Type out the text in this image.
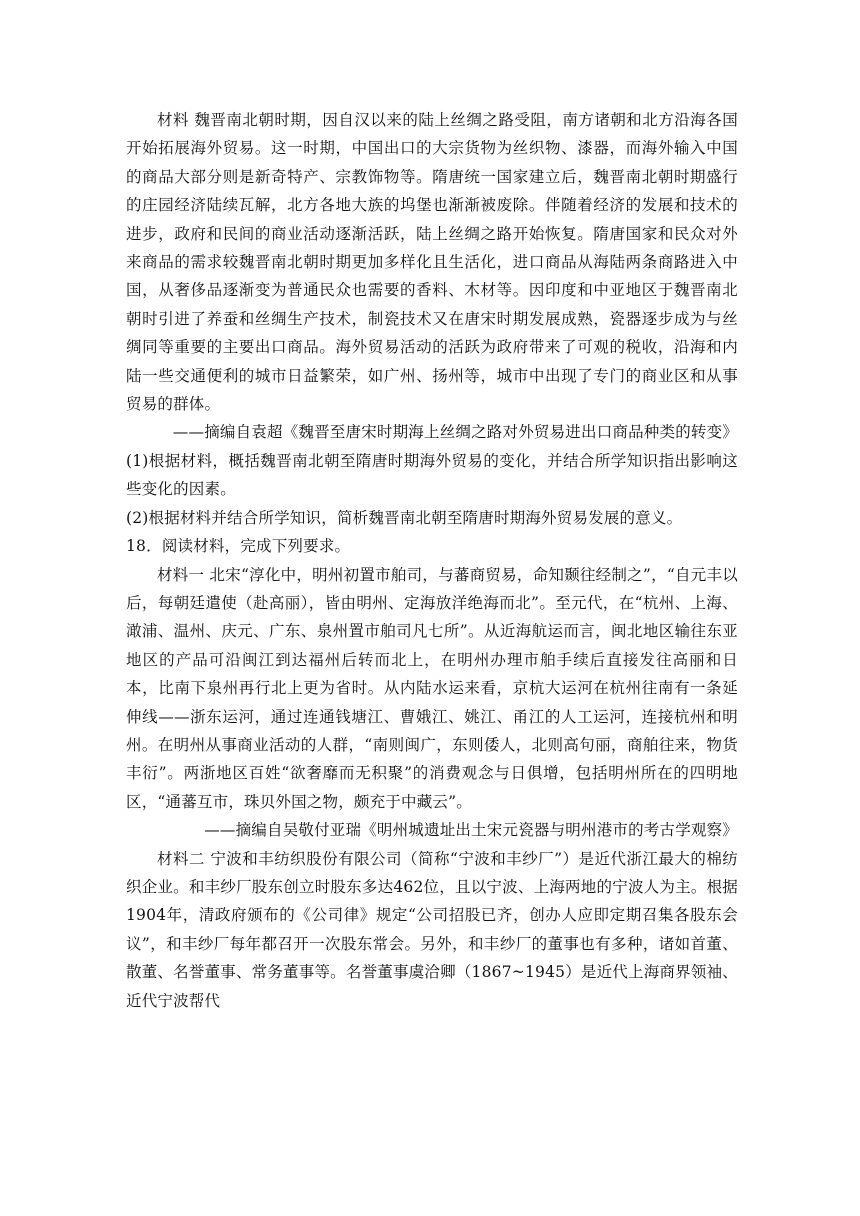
材料 魏晋南北朝时期，因自汉以来的陆上丝绸之路受阻，南方诸朝和北方沿海各国开始拓展海外贸易。这一时期，中国出口的大宗货物为丝织物、漆器，而海外输入中国的商品大部分则是新奇特产、宗教饰物等。隋唐统一国家建立后，魏晋南北朝时期盛行的庄园经济陆续瓦解，北方各地大族的坞堡也渐渐被废除。伴随着经济的发展和技术的进步，政府和民间的商业活动逐渐活跃，陆上丝绸之路开始恢复。隋唐国家和民众对外来商品的需求较魏晋南北朝时期更加多样化且生活化，进口商品从海陆两条商路进入中国，从奢侈品逐渐变为普通民众也需要的香料、木材等。因印度和中亚地区于魏晋南北朝时引进了养蚕和丝绸生产技术，制瓷技术又在唐宋时期发展成熟，瓷器逐步成为与丝绸同等重要的主要出口商品。海外贸易活动的活跃为政府带来了可观的税收，沿海和内陆一些交通便利的城市日益繁荣，如广州、扬州等，城市中出现了专门的商业区和从事贸易的群体。

——摘编自袁超《魏晋至唐宋时期海上丝绸之路对外贸易进出口商品种类的转变》

(1)根据材料，概括魏晋南北朝至隋唐时期海外贸易的变化，并结合所学知识指出影响这些变化的因素。

(2)根据材料并结合所学知识，简析魏晋南北朝至隋唐时期海外贸易发展的意义。

18．阅读材料，完成下列要求。

材料一 北宋“淳化中，明州初置市舶司，与蕃商贸易，命知颞往经制之”，“自元丰以后，每朝廷遣使（赴高丽），皆由明州、定海放洋绝海而北”。至元代，在“杭州、上海、澉浦、温州、庆元、广东、泉州置市舶司凡七所”。从近海航运而言，闽北地区输往东亚地区的产品可沿闽江到达福州后转而北上，在明州办理市舶手续后直接发往高丽和日本，比南下泉州再行北上更为省时。从内陆水运来看，京杭大运河在杭州往南有一条延伸线——浙东运河，通过连通钱塘江、曹娥江、姚江、甬江的人工运河，连接杭州和明州。在明州从事商业活动的人群，“南则闽广，东则倭人，北则高句丽，商舶往来，物货丰衍”。两浙地区百姓“欲奢靡而无积聚”的消费观念与日俱增，包括明州所在的四明地区，“通蕃互市，珠贝外国之物，颇充于中藏云”。

——摘编自吴敬付亚瑞《明州城遗址出土宋元瓷器与明州港市的考古学观察》

材料二 宁波和丰纺织股份有限公司（简称“宁波和丰纱厂”）是近代浙江最大的棉纺织企业。和丰纱厂股东创立时股东多达462位，且以宁波、上海两地的宁波人为主。根据1904年，清政府颁布的《公司律》规定“公司招股已齐，创办人应即定期召集各股东会议”，和丰纱厂每年都召开一次股东常会。另外，和丰纱厂的董事也有多种，诸如首董、散董、名誉董事、常务董事等。名誉董事虞洽卿（1867~1945）是近代上海商界领袖、近代宁波帮代
